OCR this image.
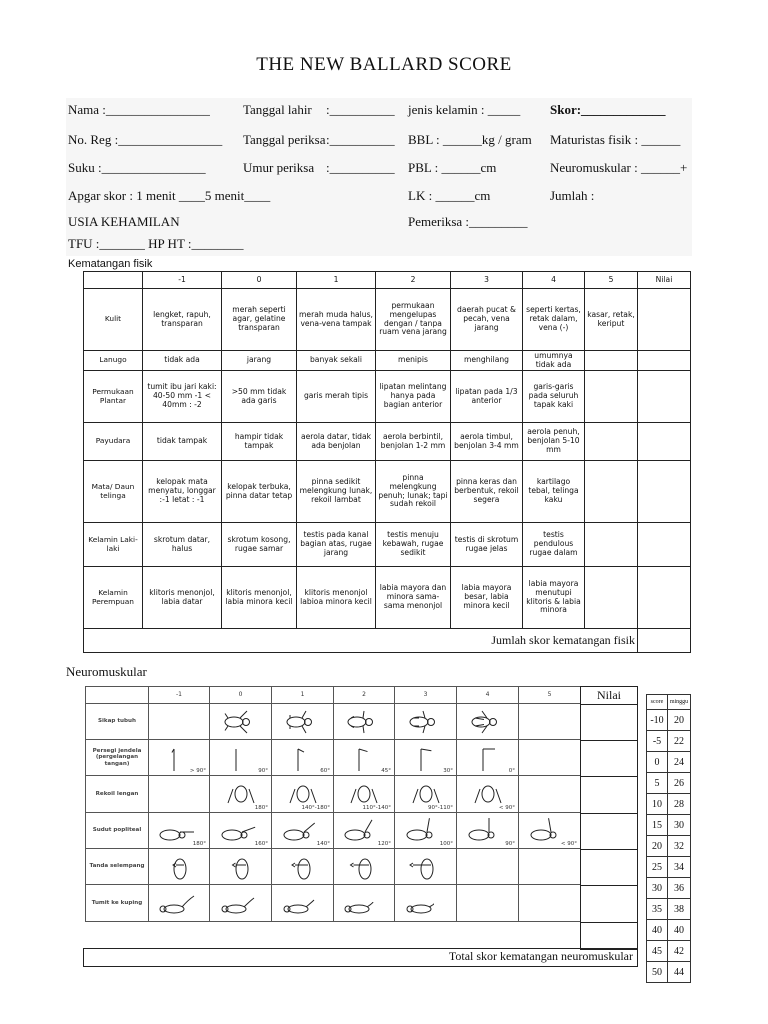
THE NEW BALLARD SCORE
Nama :________________	Tanggal lahir :__________ jenis kelamin : _____ Skor:_____________
No. Reg :________________ Tanggal periksa :__________ BBL : ______kg / gram Maturistas fisik : ______
Suku :________________	Umur periksa :__________ PBL : ______cm	Neuromuskular : ______+
Apgar skor : 1 menit ____5 menit____	LK : ______cm	Jumlah :
USIA KEHAMILAN	Pemeriksa :_________
TFU :_______ HP HT :________
Kematangan fisik
	-1	0	1	2	3	4	5	Nilai
Kulit	lengket, rapuh, transparan	merah seperti agar, gelatine transparan	merah muda halus, vena-vena tampak	permukaan mengelupas dengan / tanpa ruam vena jarang	daerah pucat & pecah, vena jarang	seperti kertas, retak dalam, vena (-)	kasar, retak, keriput	
Lanugo	tidak ada	jarang	banyak sekali	menipis	menghilang	umumnya tidak ada		
Permukaan Plantar	tumit ibu jari kaki: 40-50 mm -1 < 40mm : -2	>50 mm tidak ada garis	garis merah tipis	lipatan melintang hanya pada bagian anterior	lipatan pada 1/3 anterior	garis-garis pada seluruh tapak kaki		
Payudara	tidak tampak	hampir tidak tampak	aerola datar, tidak ada benjolan	aerola berbintil, benjolan 1-2 mm	aerola timbul, benjolan 3-4 mm	aerola penuh, benjolan 5-10 mm		
Mata/ Daun telinga	kelopak mata menyatu, longgar :-1 letat : -1	kelopak terbuka, pinna datar tetap	pinna sedikit melengkung lunak, rekoil lambat	pinna melengkung penuh; lunak; tapi sudah rekoil	pinna keras dan berbentuk, rekoil segera	kartilago tebal, telinga kaku		
Kelamin Laki-laki	skrotum datar, halus	skrotum kosong, rugae samar	testis pada kanal bagian atas, rugae jarang	testis menuju kebawah, rugae sedikit	testis di skrotum rugae jelas	testis pendulous rugae dalam		
Kelamin Perempuan	klitoris menonjol, labia datar	klitoris menonjol, labia minora kecil	klitoris menonjol labioa minora kecil	labia mayora dan minora sama-sama menonjol	labia mayora besar, labia minora kecil	labia mayora menutupi klitoris & labia minora		
Jumlah skor kematangan fisik								
Neuromuskular
	-1	0	1	2	3	4	5
Sikap tubuh	

Persegi jendela (pergelangan tangan)	> 90°	90°	60°	45°	30°	0°	

Rekoil lengan		180°	140°-180°	110°-140°	90°-110°	< 90°	

Sudut popliteal	180°	160°	140°	120°	100°	90°	< 90°

Tanda selempang	

Tumit ke kuping	

Nilai
Total skor kematangan neuromuskular
score	minggu
-10	20
-5	22
0	24
5	26
10	28
15	30
20	32
25	34
30	36
35	38
40	40
45	42
50	44
